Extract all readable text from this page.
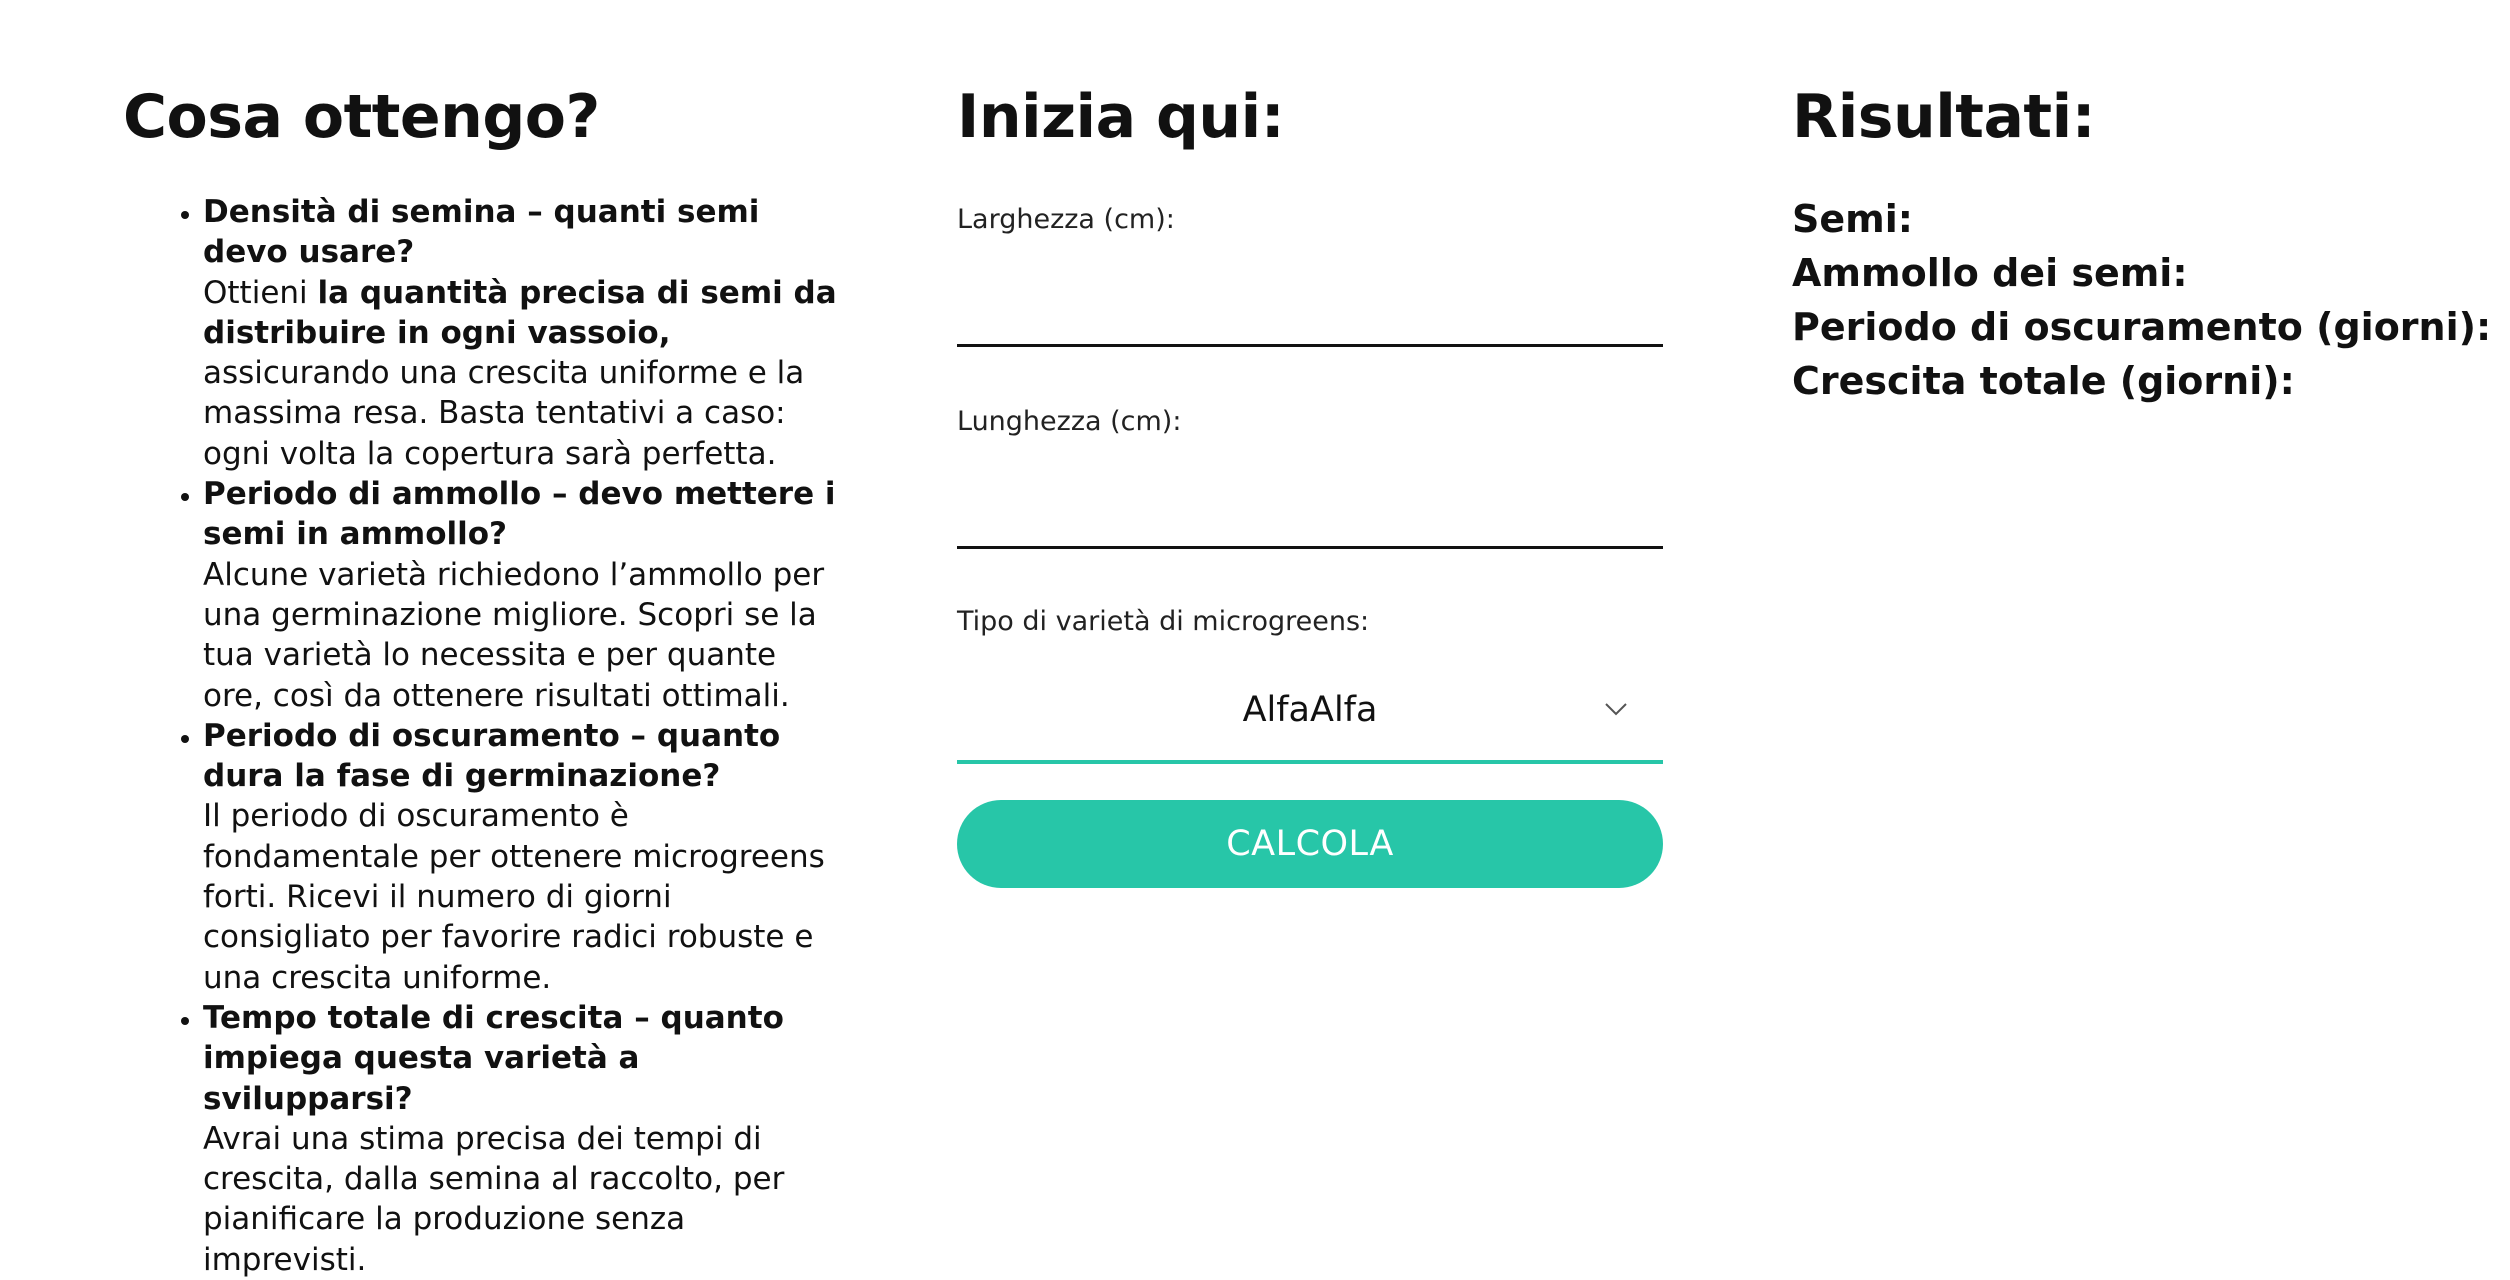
Cosa ottengo?
• Densità di semina – quanti semi devo usare?
Ottieni la quantità precisa di semi da distribuire in ogni vassoio, assicurando una crescita uniforme e la massima resa. Basta tentativi a caso: ogni volta la copertura sarà perfetta.
• Periodo di ammollo – devo mettere i semi in ammollo?
Alcune varietà richiedono l’ammollo per una germinazione migliore. Scopri se la tua varietà lo necessita e per quante ore, così da ottenere risultati ottimali.
• Periodo di oscuramento – quanto dura la fase di germinazione?
Il periodo di oscuramento è fondamentale per ottenere microgreens forti. Ricevi il numero di giorni consigliato per favorire radici robuste e una crescita uniforme.
• Tempo totale di crescita – quanto impiega questa varietà a svilupparsi?
Avrai una stima precisa dei tempi di crescita, dalla semina al raccolto, per pianificare la produzione senza imprevisti.
Inizia qui:
Larghezza (cm):
Lunghezza (cm):
Tipo di varietà di microgreens:
AlfaAlfa
CALCOLA
Risultati:
Semi:
Ammollo dei semi:
Periodo di oscuramento (giorni):
Crescita totale (giorni):
